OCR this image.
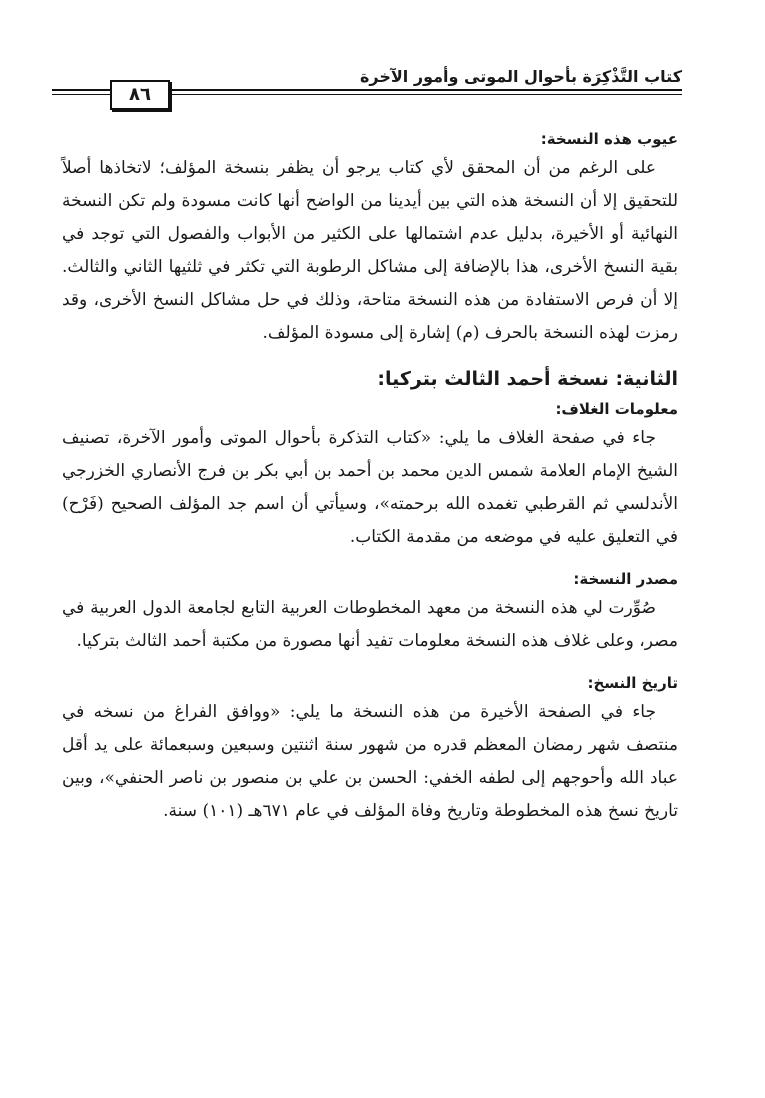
كتاب التَّذْكِرَة بأحوال الموتى وأمور الآخرة
٨٦
عيوب هذه النسخة:

على الرغم من أن المحقق لأي كتاب يرجو أن يظفر بنسخة المؤلف؛ لاتخاذها أصلاً للتحقيق إلا أن النسخة هذه التي بين أيدينا من الواضح أنها كانت مسودة ولم تكن النسخة النهائية أو الأخيرة، بدليل عدم اشتمالها على الكثير من الأبواب والفصول التي توجد في بقية النسخ الأخرى، هذا بالإضافة إلى مشاكل الرطوبة التي تكثر في ثلثيها الثاني والثالث. إلا أن فرص الاستفادة من هذه النسخة متاحة، وذلك في حل مشاكل النسخ الأخرى، وقد رمزت لهذه النسخة بالحرف (م) إشارة إلى مسودة المؤلف.

الثانية: نسخة أحمد الثالث بتركيا:
معلومات الغلاف:

جاء في صفحة الغلاف ما يلي: «كتاب التذكرة بأحوال الموتى وأمور الآخرة، تصنيف الشيخ الإمام العلامة شمس الدين محمد بن أحمد بن أبي بكر بن فرج الأنصاري الخزرجي الأندلسي ثم القرطبي تغمده الله برحمته»، وسيأتي أن اسم جد المؤلف الصحيح (فَرْح) في التعليق عليه في موضعه من مقدمة الكتاب.

مصدر النسخة:

صُوِّرت لي هذه النسخة من معهد المخطوطات العربية التابع لجامعة الدول العربية في مصر، وعلى غلاف هذه النسخة معلومات تفيد أنها مصورة من مكتبة أحمد الثالث بتركيا.

تاريخ النسخ:

جاء في الصفحة الأخيرة من هذه النسخة ما يلي: «ووافق الفراغ من نسخه في منتصف شهر رمضان المعظم قدره من شهور سنة اثنتين وسبعين وسبعمائة على يد أقل عباد الله وأحوجهم إلى لطفه الخفي: الحسن بن علي بن منصور بن ناصر الحنفي»، وبين تاريخ نسخ هذه المخطوطة وتاريخ وفاة المؤلف في عام ٦٧١هـ (١٠١) سنة.
